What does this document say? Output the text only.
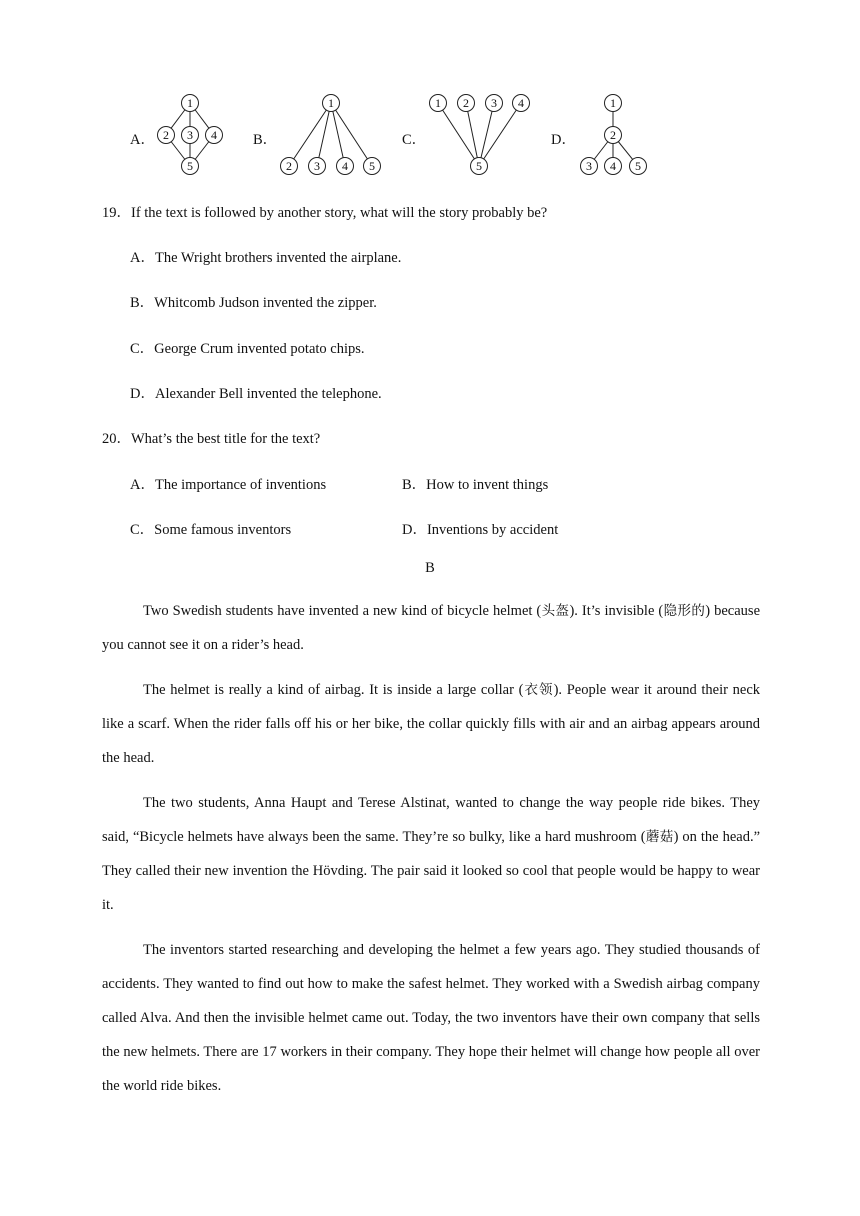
A．
1
2 3 4
5
B．
1
2 3 4 5
C．
1 2 3 4
5
D．
1
2
3 4 5
19．If the text is followed by another story, what will the story probably be?
A．The Wright brothers invented the airplane.
B．Whitcomb Judson invented the zipper.
C．George Crum invented potato chips.
D．Alexander Bell invented the telephone.
20．What’s the best title for the text?
A．The importance of inventions	B．How to invent things
C．Some famous inventors	D．Inventions by accident
B

Two Swedish students have invented a new kind of bicycle helmet (头盔). It’s invisible (隐形的) because you cannot see it on a rider’s head.

The helmet is really a kind of airbag. It is inside a large collar (衣领). People wear it around their neck like a scarf. When the rider falls off his or her bike, the collar quickly fills with air and an airbag appears around the head.

The two students, Anna Haupt and Terese Alstinat, wanted to change the way people ride bikes. They said, “Bicycle helmets have always been the same. They’re so bulky, like a hard mushroom (蘑菇) on the head.” They called their new invention the Hövding. The pair said it looked so cool that people would be happy to wear it.

The inventors started researching and developing the helmet a few years ago. They studied thousands of accidents. They wanted to find out how to make the safest helmet. They worked with a Swedish airbag company called Alva. And then the invisible helmet came out. Today, the two inventors have their own company that sells the new helmets. There are 17 workers in their company. They hope their helmet will change how people all over the world ride bikes.
